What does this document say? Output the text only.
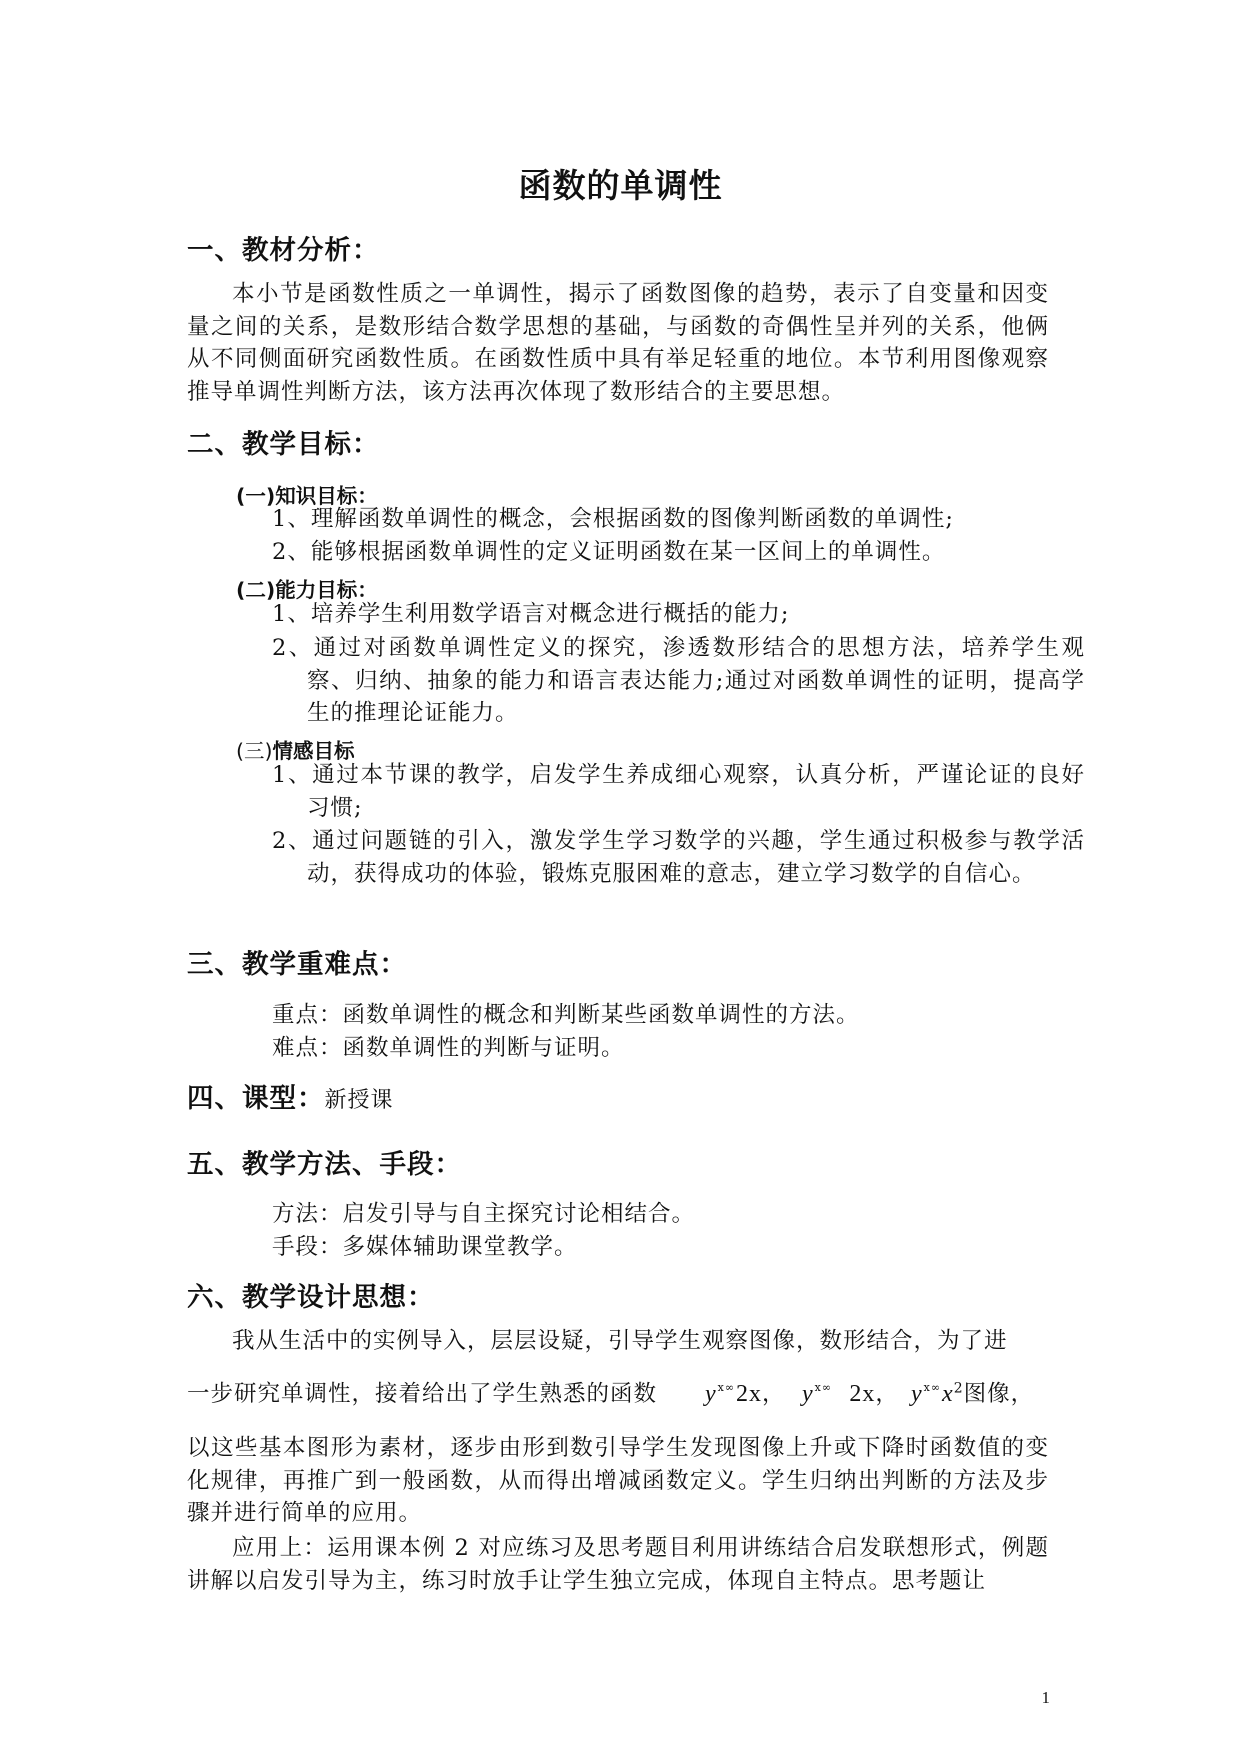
函数的单调性
一、教材分析：
本小节是函数性质之一单调性，揭示了函数图像的趋势，表示了自变量和因变量之间的关系，是数形结合数学思想的基础，与函数的奇偶性呈并列的关系，他俩从不同侧面研究函数性质。在函数性质中具有举足轻重的地位。本节利用图像观察推导单调性判断方法，该方法再次体现了数形结合的主要思想。
二、教学目标：
(一)知识目标：
1、理解函数单调性的概念，会根据函数的图像判断函数的单调性;
2、能够根据函数单调性的定义证明函数在某一区间上的单调性。
(二)能力目标：
1、培养学生利用数学语言对概念进行概括的能力;
2、通过对函数单调性定义的探究，渗透数形结合的思想方法，培养学生观察、归纳、抽象的能力和语言表达能力;通过对函数单调性的证明，提高学生的推理论证能力。
(三)情感目标
1、通过本节课的教学，启发学生养成细心观察，认真分析，严谨论证的良好习惯;
2、通过问题链的引入，激发学生学习数学的兴趣，学生通过积极参与教学活动，获得成功的体验，锻炼克服困难的意志，建立学习数学的自信心。
三、教学重难点：
重点：函数单调性的概念和判断某些函数单调性的方法。
难点：函数单调性的判断与证明。
四、课型：新授课
五、教学方法、手段：
方法：启发引导与自主探究讨论相结合。
手段：多媒体辅助课堂教学。
六、教学设计思想：
我从生活中的实例导入，层层设疑，引导学生观察图像，数形结合，为了进
一步研究单调性，接着给出了学生熟悉的函数 $y^{ⅹ\infty}2x$， $y^{ⅹ\infty}$ 2x， $y^{ⅹ\infty}x^2$图像，
以这些基本图形为素材，逐步由形到数引导学生发现图像上升或下降时函数值的变化规律，再推广到一般函数，从而得出增减函数定义。学生归纳出判断的方法及步骤并进行简单的应用。
应用上：运用课本例 2 对应练习及思考题目利用讲练结合启发联想形式，例题讲解以启发引导为主，练习时放手让学生独立完成，体现自主特点。思考题让
1
